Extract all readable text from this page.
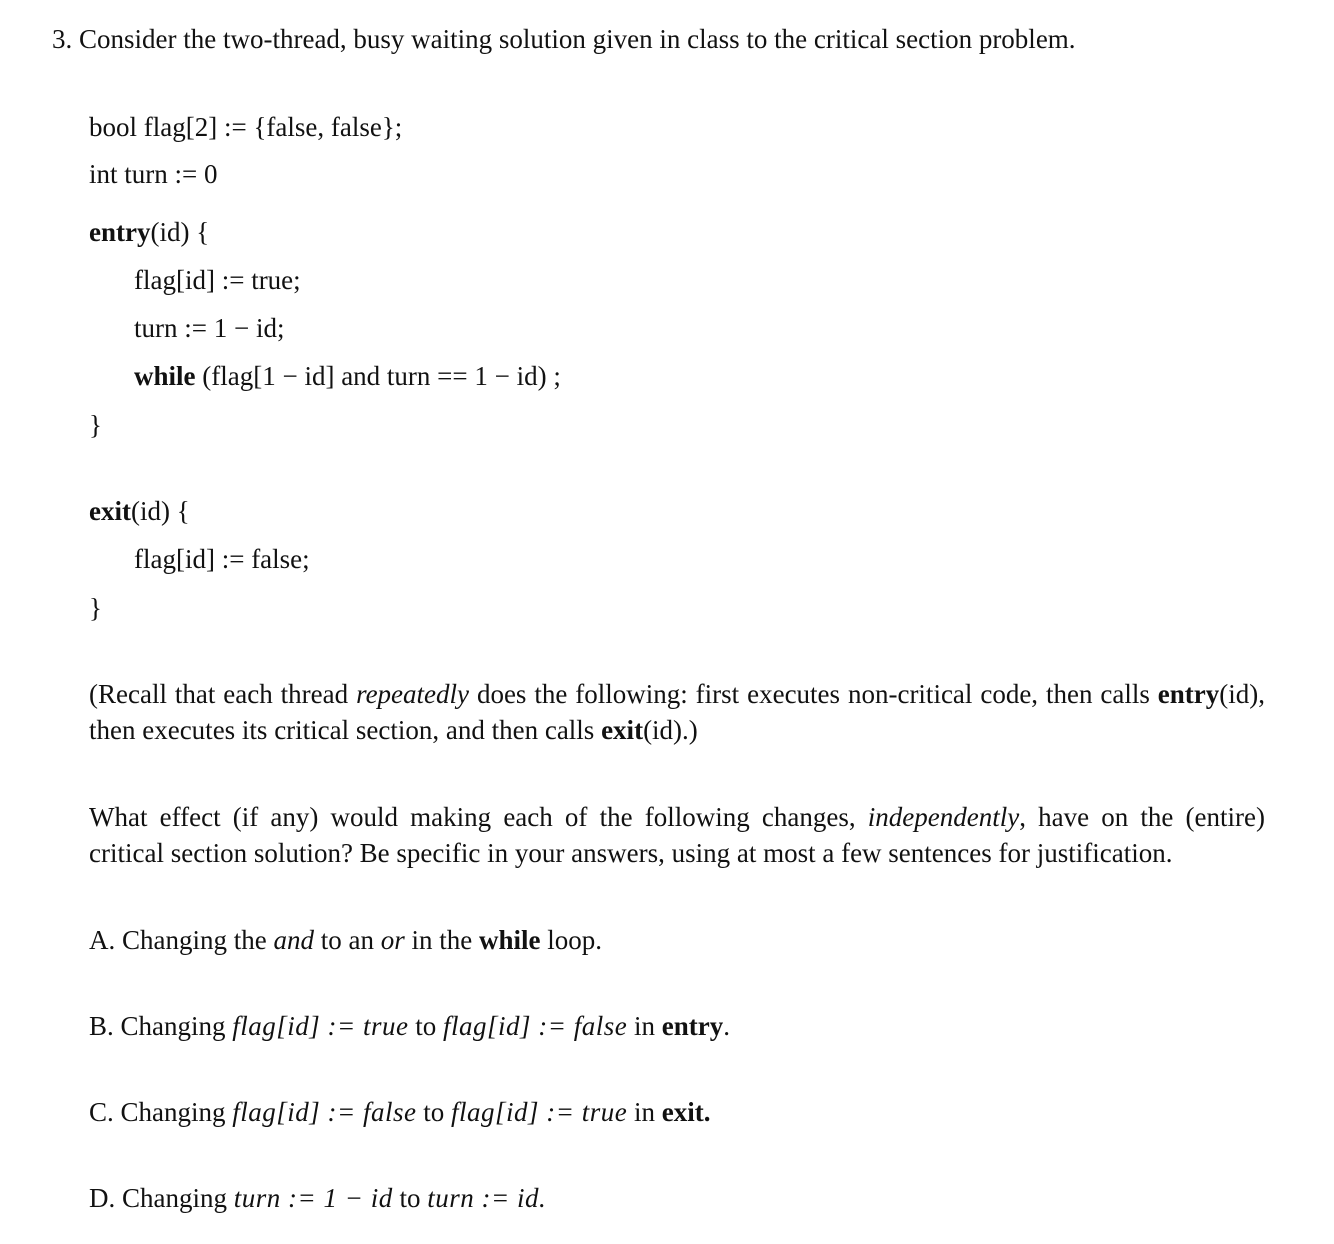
3. Consider the two-thread, busy waiting solution given in class to the critical section problem.
bool flag[2] := {false, false};
int turn := 0
entry(id) {
flag[id] := true;
turn := 1 − id;
while (flag[1 − id] and turn == 1 − id) ;
}
exit(id) {
flag[id] := false;
}
(Recall that each thread repeatedly does the following: first executes non-critical code, then calls entry(id), then executes its critical section, and then calls exit(id).)
What effect (if any) would making each of the following changes, independently, have on the (entire) critical section solution? Be specific in your answers, using at most a few sentences for justification.
A. Changing the and to an or in the while loop.
B. Changing flag[id] := true to flag[id] := false in entry.
C. Changing flag[id] := false to flag[id] := true in exit.
D. Changing turn := 1 − id to turn := id.
